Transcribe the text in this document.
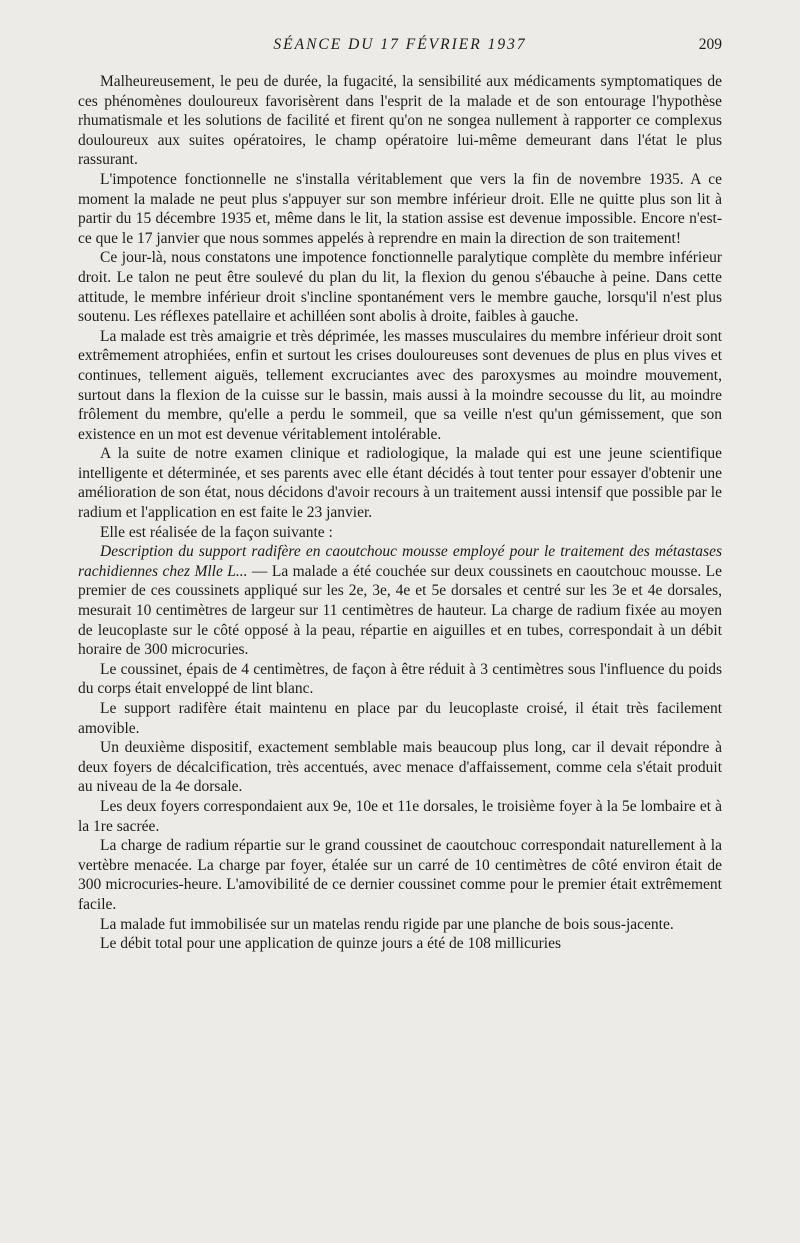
SÉANCE DU 17 FÉVRIER 1937	209

Malheureusement, le peu de durée, la fugacité, la sensibilité aux médicaments symptomatiques de ces phénomènes douloureux favorisèrent dans l'esprit de la malade et de son entourage l'hypothèse rhumatismale et les solutions de facilité et firent qu'on ne songea nullement à rapporter ce complexus douloureux aux suites opératoires, le champ opératoire lui-même demeurant dans l'état le plus rassurant.

L'impotence fonctionnelle ne s'installa véritablement que vers la fin de novembre 1935. A ce moment la malade ne peut plus s'appuyer sur son membre inférieur droit. Elle ne quitte plus son lit à partir du 15 décembre 1935 et, même dans le lit, la station assise est devenue impossible. Encore n'est-ce que le 17 janvier que nous sommes appelés à reprendre en main la direction de son traitement!

Ce jour-là, nous constatons une impotence fonctionnelle paralytique complète du membre inférieur droit. Le talon ne peut être soulevé du plan du lit, la flexion du genou s'ébauche à peine. Dans cette attitude, le membre inférieur droit s'incline spontanément vers le membre gauche, lorsqu'il n'est plus soutenu. Les réflexes patellaire et achilléen sont abolis à droite, faibles à gauche.

La malade est très amaigrie et très déprimée, les masses musculaires du membre inférieur droit sont extrêmement atrophiées, enfin et surtout les crises douloureuses sont devenues de plus en plus vives et continues, tellement aiguës, tellement excruciantes avec des paroxysmes au moindre mouvement, surtout dans la flexion de la cuisse sur le bassin, mais aussi à la moindre secousse du lit, au moindre frôlement du membre, qu'elle a perdu le sommeil, que sa veille n'est qu'un gémissement, que son existence en un mot est devenue véritablement intolérable.

A la suite de notre examen clinique et radiologique, la malade qui est une jeune scientifique intelligente et déterminée, et ses parents avec elle étant décidés à tout tenter pour essayer d'obtenir une amélioration de son état, nous décidons d'avoir recours à un traitement aussi intensif que possible par le radium et l'application en est faite le 23 janvier.

Elle est réalisée de la façon suivante :

Description du support radifère en caoutchouc mousse employé pour le traitement des métastases rachidiennes chez Mlle L... — La malade a été couchée sur deux coussinets en caoutchouc mousse. Le premier de ces coussinets appliqué sur les 2e, 3e, 4e et 5e dorsales et centré sur les 3e et 4e dorsales, mesurait 10 centimètres de largeur sur 11 centimètres de hauteur. La charge de radium fixée au moyen de leucoplaste sur le côté opposé à la peau, répartie en aiguilles et en tubes, correspondait à un débit horaire de 300 microcuries.

Le coussinet, épais de 4 centimètres, de façon à être réduit à 3 centimètres sous l'influence du poids du corps était enveloppé de lint blanc.

Le support radifère était maintenu en place par du leucoplaste croisé, il était très facilement amovible.

Un deuxième dispositif, exactement semblable mais beaucoup plus long, car il devait répondre à deux foyers de décalcification, très accentués, avec menace d'affaissement, comme cela s'était produit au niveau de la 4e dorsale.

Les deux foyers correspondaient aux 9e, 10e et 11e dorsales, le troisième foyer à la 5e lombaire et à la 1re sacrée.

La charge de radium répartie sur le grand coussinet de caoutchouc correspondait naturellement à la vertèbre menacée. La charge par foyer, étalée sur un carré de 10 centimètres de côté environ était de 300 microcuries-heure. L'amovibilité de ce dernier coussinet comme pour le premier était extrêmement facile.

La malade fut immobilisée sur un matelas rendu rigide par une planche de bois sous-jacente.

Le débit total pour une application de quinze jours a été de 108 millicuries
